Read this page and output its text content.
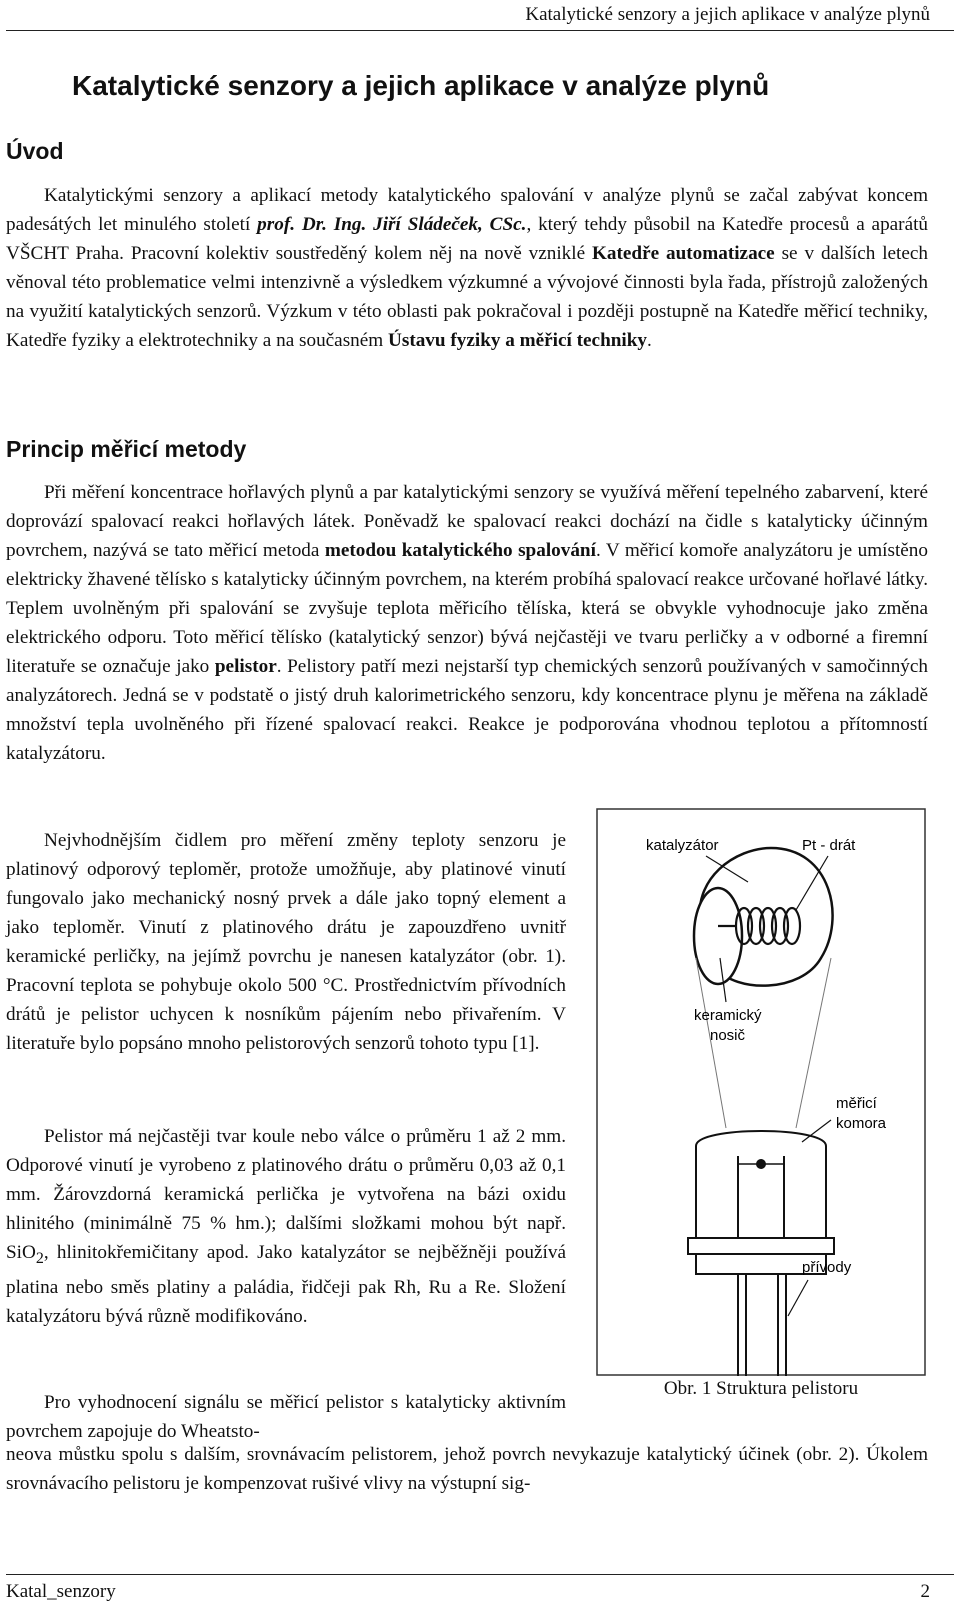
Katalytické senzory a jejich aplikace v analýze plynů
Katalytické senzory a jejich aplikace v analýze plynů
Úvod

Katalytickými senzory a aplikací metody katalytického spalování v analýze plynů se začal zabývat koncem padesátých let minulého století prof. Dr. Ing. Jiří Sládeček, CSc., který tehdy působil na Katedře procesů a aparátů VŠCHT Praha. Pracovní kolektiv soustředěný kolem něj na nově vzniklé Katedře automatizace se v dalších letech věnoval této problematice velmi intenzivně a výsledkem výzkumné a vývojové činnosti byla řada, přístrojů založených na využití katalytických senzorů. Výzkum v této oblasti pak pokračoval i později postupně na Katedře měřicí techniky, Katedře fyziky a elektrotechniky a na současném Ústavu fyziky a měřicí techniky.

Princip měřicí metody

Při měření koncentrace hořlavých plynů a par katalytickými senzory se využívá měření tepelného zabarvení, které doprovází spalovací reakci hořlavých látek. Poněvadž ke spalovací reakci dochází na čidle s katalyticky účinným povrchem, nazývá se tato měřicí metoda metodou katalytického spalování. V měřicí komoře analyzátoru je umístěno elektricky žhavené tělísko s katalyticky účinným povrchem, na kterém probíhá spalovací reakce určované hořlavé látky. Teplem uvolněným při spalování se zvyšuje teplota měřicího tělíska, která se obvykle vyhodnocuje jako změna elektrického odporu. Toto měřicí tělísko (katalytický senzor) bývá nejčastěji ve tvaru perličky a v odborné a firemní literatuře se označuje jako pelistor. Pelistory patří mezi nejstarší typ chemických senzorů používaných v samočinných analyzátorech. Jedná se v podstatě o jistý druh kalorimetrického senzoru, kdy koncentrace plynu je měřena na základě množství tepla uvolněného při řízené spalovací reakci. Reakce je podporována vhodnou teplotou a přítomností katalyzátoru.

Nejvhodnějším čidlem pro měření změny teploty senzoru je platinový odporový teploměr, protože umožňuje, aby platinové vinutí fungovalo jako mechanický nosný prvek a dále jako topný element a jako teploměr. Vinutí z platinového drátu je zapouzdřeno uvnitř keramické perličky, na jejímž povrchu je nanesen katalyzátor (obr. 1). Pracovní teplota se pohybuje okolo 500 °C. Prostřednictvím přívodních drátů je pelistor uchycen k nosníkům pájením nebo přivařením. V literatuře bylo popsáno mnoho pelistorových senzorů tohoto typu [1].

Pelistor má nejčastěji tvar koule nebo válce o průměru 1 až 2 mm. Odporové vinutí je vyrobeno z platinového drátu o průměru 0,03 až 0,1 mm. Žárovzdorná keramická perlička je vytvořena na bázi oxidu hlinitého (minimálně 75 % hm.); dalšími složkami mohou být např. SiO$_2$, hlinitokřemičitany apod. Jako katalyzátor se nejběžněji používá platina nebo směs platiny a paládia, řidčeji pak Rh, Ru a Re. Složení katalyzátoru bývá různě modifikováno.

Pro vyhodnocení signálu se měřicí pelistor s katalyticky aktivním povrchem zapojuje do Wheatsto-

neova můstku spolu s dalším, srovnávacím pelistorem, jehož povrch nevykazuje katalytický účinek (obr. 2). Úkolem srovnávacího pelistoru je kompenzovat rušivé vlivy na výstupní sig-

katalyzátor	Pt - drát
keramický
nosič
měřicí
komora
přívody
Obr. 1 Struktura pelistoru
Katal_senzory	2
